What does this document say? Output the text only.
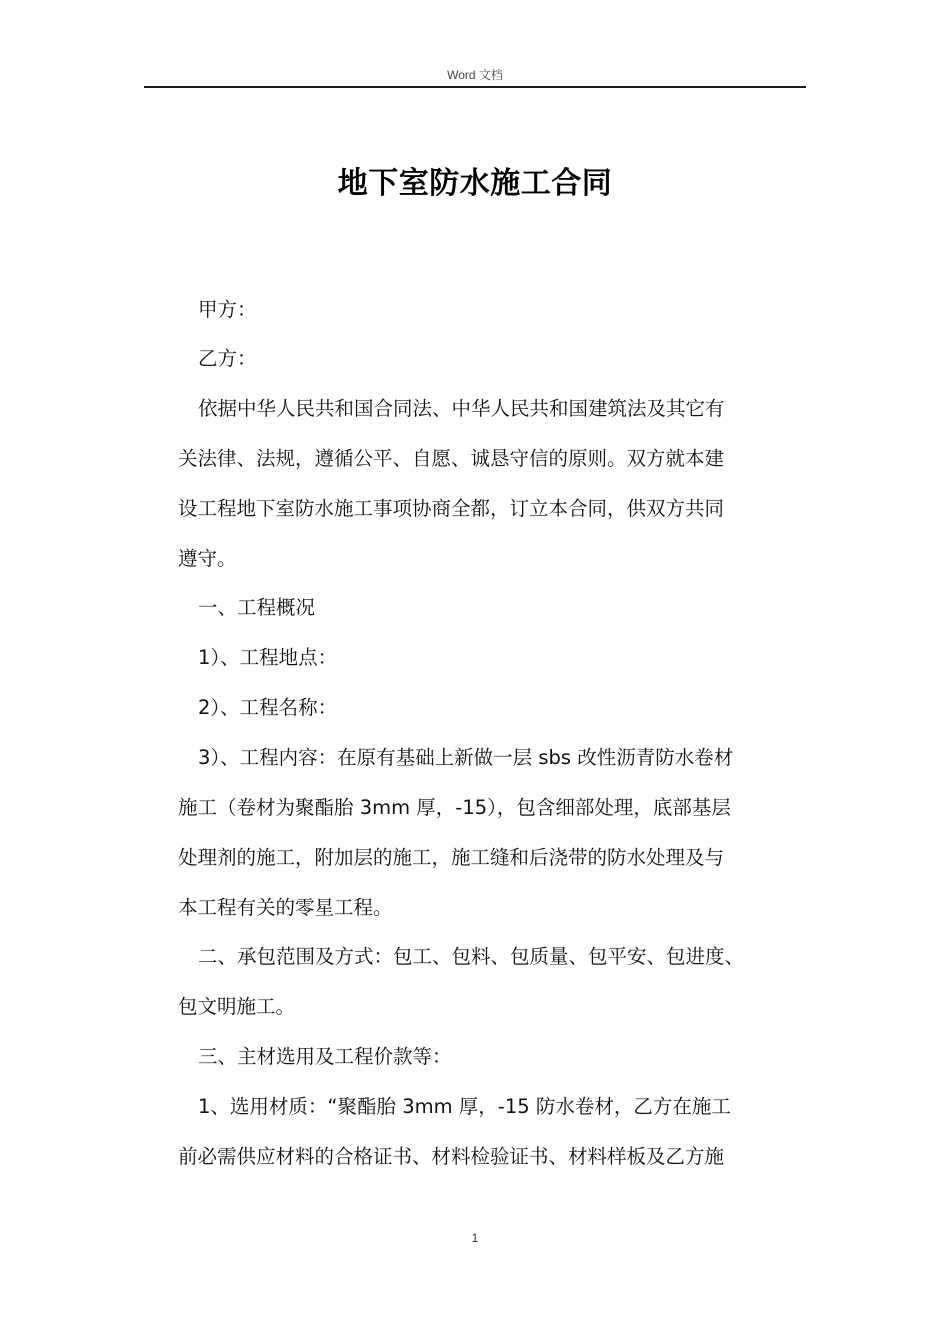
Word 文档
地下室防水施工合同
甲方：
乙方：
依据中华人民共和国合同法、中华人民共和国建筑法及其它有
关法律、法规，遵循公平、自愿、诚恳守信的原则。双方就本建
设工程地下室防水施工事项协商全都，订立本合同，供双方共同
遵守。
一、工程概况
1）、工程地点：
2）、工程名称：
3）、工程内容：在原有基础上新做一层 sbs 改性沥青防水卷材
施工（卷材为聚酯胎 3mm 厚，-15），包含细部处理，底部基层
处理剂的施工，附加层的施工，施工缝和后浇带的防水处理及与
本工程有关的零星工程。
二、承包范围及方式：包工、包料、包质量、包平安、包进度、
包文明施工。
三、主材选用及工程价款等：
1、选用材质：“聚酯胎 3mm 厚，-15 防水卷材，乙方在施工
前必需供应材料的合格证书、材料检验证书、材料样板及乙方施
1
